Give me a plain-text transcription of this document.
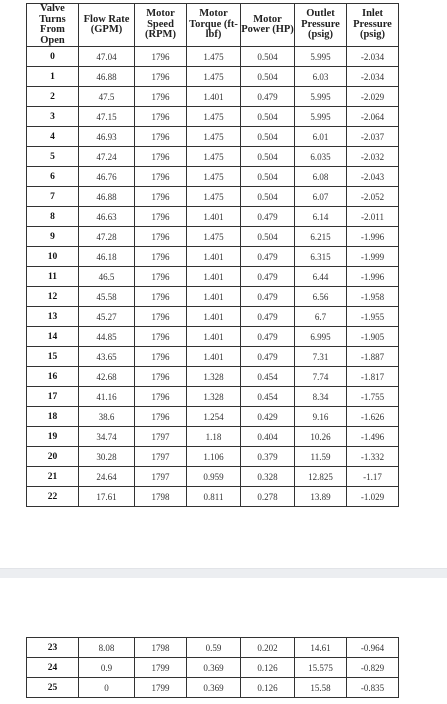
Valve Turns From Open	Flow Rate (GPM)	Motor Speed (RPM)	Motor Torque (ft-lbf)	Motor Power (HP)	Outlet Pressure (psig)	Inlet Pressure (psig)
0	47.04	1796	1.475	0.504	5.995	-2.034
1	46.88	1796	1.475	0.504	6.03	-2.034
2	47.5	1796	1.401	0.479	5.995	-2.029
3	47.15	1796	1.475	0.504	5.995	-2.064
4	46.93	1796	1.475	0.504	6.01	-2.037
5	47.24	1796	1.475	0.504	6.035	-2.032
6	46.76	1796	1.475	0.504	6.08	-2.043
7	46.88	1796	1.475	0.504	6.07	-2.052
8	46.63	1796	1.401	0.479	6.14	-2.011
9	47.28	1796	1.475	0.504	6.215	-1.996
10	46.18	1796	1.401	0.479	6.315	-1.999
11	46.5	1796	1.401	0.479	6.44	-1.996
12	45.58	1796	1.401	0.479	6.56	-1.958
13	45.27	1796	1.401	0.479	6.7	-1.955
14	44.85	1796	1.401	0.479	6.995	-1.905
15	43.65	1796	1.401	0.479	7.31	-1.887
16	42.68	1796	1.328	0.454	7.74	-1.817
17	41.16	1796	1.328	0.454	8.34	-1.755
18	38.6	1796	1.254	0.429	9.16	-1.626
19	34.74	1797	1.18	0.404	10.26	-1.496
20	30.28	1797	1.106	0.379	11.59	-1.332
21	24.64	1797	0.959	0.328	12.825	-1.17
22	17.61	1798	0.811	0.278	13.89	-1.029
23	8.08	1798	0.59	0.202	14.61	-0.964
24	0.9	1799	0.369	0.126	15.575	-0.829
25	0	1799	0.369	0.126	15.58	-0.835
